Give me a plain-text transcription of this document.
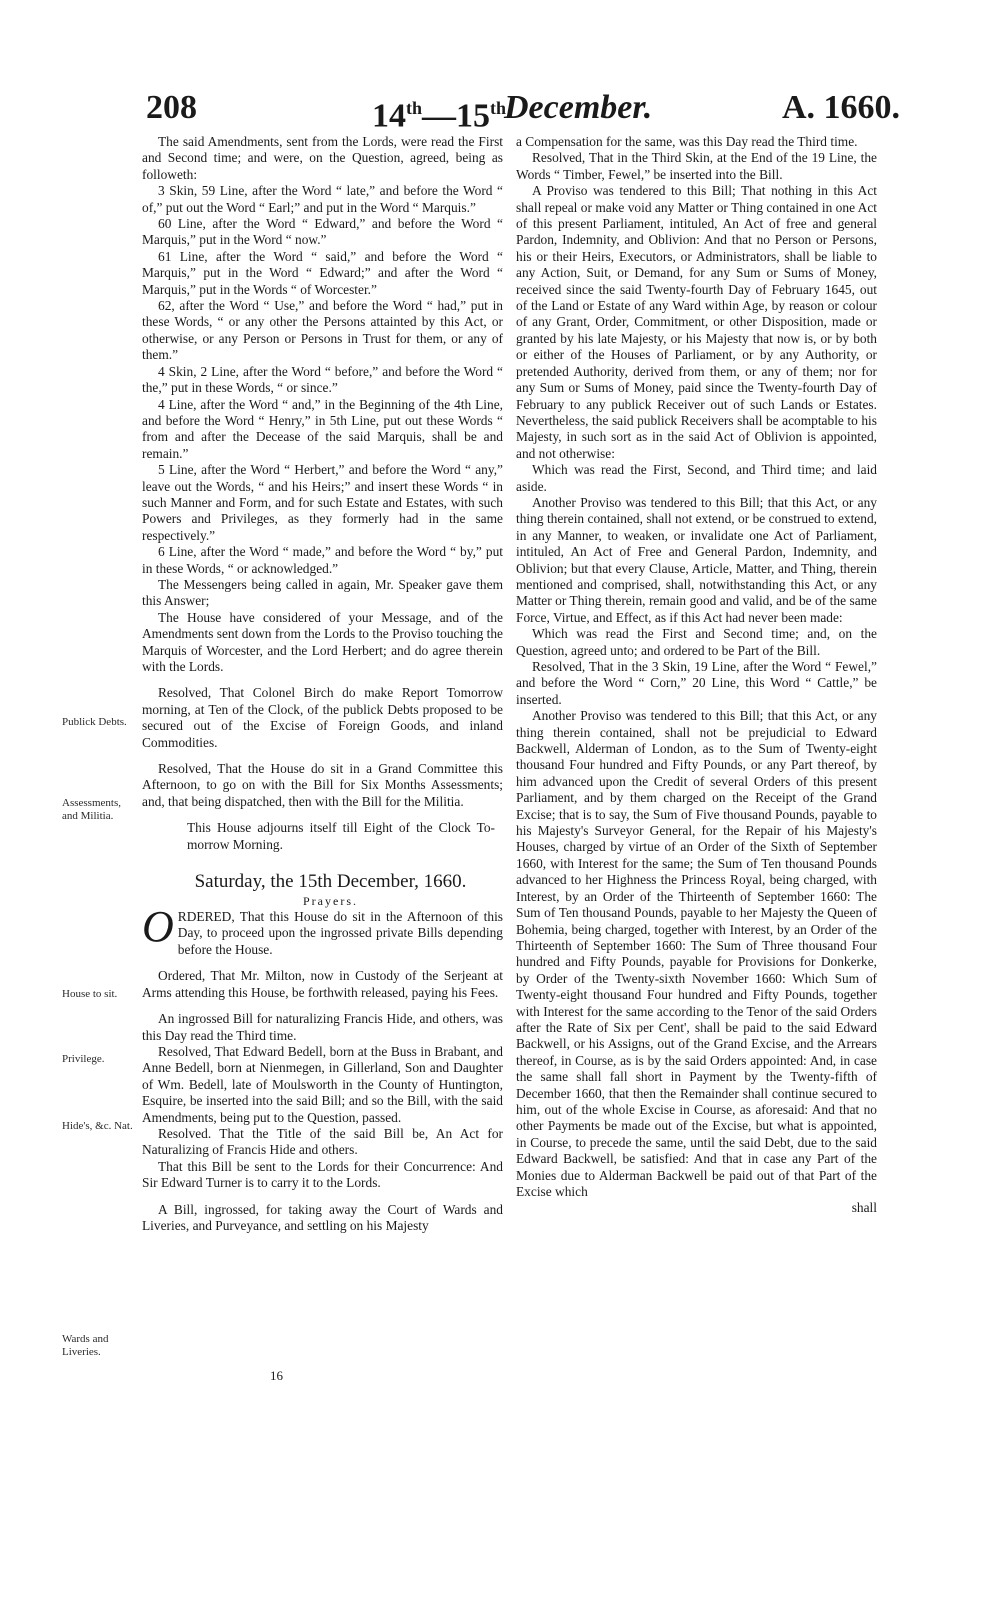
208	14th—15th
December.	A. 1660.
Publick Debts.
Assessments, and Militia.
House to sit.
Privilege.
Hide's, &c. Nat.
Wards and Liveries.

The said Amendments, sent from the Lords, were read the First and Second time; and were, on the Question, agreed, being as followeth:

3 Skin, 59 Line, after the Word “ late,” and before the Word “ of,” put out the Word “ Earl;” and put in the Word “ Marquis.”

60 Line, after the Word “ Edward,” and before the Word “ Marquis,” put in the Word “ now.”

61 Line, after the Word “ said,” and before the Word “ Marquis,” put in the Word “ Edward;” and after the Word “ Marquis,” put in the Words “ of Worcester.”

62, after the Word “ Use,” and before the Word “ had,” put in these Words, “ or any other the Persons attainted by this Act, or otherwise, or any Person or Persons in Trust for them, or any of them.”

4 Skin, 2 Line, after the Word “ before,” and before the Word “ the,” put in these Words, “ or since.”

4 Line, after the Word “ and,” in the Beginning of the 4th Line, and before the Word “ Henry,” in 5th Line, put out these Words “ from and after the Decease of the said Marquis, shall be and remain.”

5 Line, after the Word “ Herbert,” and before the Word “ any,” leave out the Words, “ and his Heirs;” and insert these Words “ in such Manner and Form, and for such Estate and Estates, with such Powers and Privileges, as they formerly had in the same respectively.”

6 Line, after the Word “ made,” and before the Word “ by,” put in these Words, “ or acknowledged.”

The Messengers being called in again, Mr. Speaker gave them this Answer;

The House have considered of your Message, and of the Amendments sent down from the Lords to the Proviso touching the Marquis of Worcester, and the Lord Herbert; and do agree therein with the Lords.

Resolved, That Colonel Birch do make Report Tomorrow morning, at Ten of the Clock, of the publick Debts proposed to be secured out of the Excise of Foreign Goods, and inland Commodities.

Resolved, That the House do sit in a Grand Committee this Afternoon, to go on with the Bill for Six Months Assessments; and, that being dispatched, then with the Bill for the Militia.

This House adjourns itself till Eight of the Clock To-morrow Morning.

Saturday, the 15th December, 1660.

Prayers.

ORDERED, That this House do sit in the Afternoon of this Day, to proceed upon the ingrossed private Bills depending before the House.

Ordered, That Mr. Milton, now in Custody of the Serjeant at Arms attending this House, be forthwith released, paying his Fees.

An ingrossed Bill for naturalizing Francis Hide, and others, was this Day read the Third time.

Resolved, That Edward Bedell, born at the Buss in Brabant, and Anne Bedell, born at Nienmegen, in Gillerland, Son and Daughter of Wm. Bedell, late of Moulsworth in the County of Huntington, Esquire, be inserted into the said Bill; and so the Bill, with the said Amendments, being put to the Question, passed.

Resolved. That the Title of the said Bill be, An Act for Naturalizing of Francis Hide and others.

That this Bill be sent to the Lords for their Concurrence: And Sir Edward Turner is to carry it to the Lords.

A Bill, ingrossed, for taking away the Court of Wards and Liveries, and Purveyance, and settling on his Majesty

a Compensation for the same, was this Day read the Third time.

Resolved, That in the Third Skin, at the End of the 19 Line, the Words “ Timber, Fewel,” be inserted into the Bill.

A Proviso was tendered to this Bill; That nothing in this Act shall repeal or make void any Matter or Thing contained in one Act of this present Parliament, intituled, An Act of free and general Pardon, Indemnity, and Oblivion: And that no Person or Persons, his or their Heirs, Executors, or Administrators, shall be liable to any Action, Suit, or Demand, for any Sum or Sums of Money, received since the said Twenty-fourth Day of February 1645, out of the Land or Estate of any Ward within Age, by reason or colour of any Grant, Order, Commitment, or other Disposition, made or granted by his late Majesty, or his Majesty that now is, or by both or either of the Houses of Parliament, or by any Authority, or pretended Authority, derived from them, or any of them; nor for any Sum or Sums of Money, paid since the Twenty-fourth Day of February to any publick Receiver out of such Lands or Estates. Nevertheless, the said publick Receivers shall be acomptable to his Majesty, in such sort as in the said Act of Oblivion is appointed, and not otherwise:

Which was read the First, Second, and Third time; and laid aside.

Another Proviso was tendered to this Bill; that this Act, or any thing therein contained, shall not extend, or be construed to extend, in any Manner, to weaken, or invalidate one Act of Parliament, intituled, An Act of Free and General Pardon, Indemnity, and Oblivion; but that every Clause, Article, Matter, and Thing, therein mentioned and comprised, shall, notwithstanding this Act, or any Matter or Thing therein, remain good and valid, and be of the same Force, Virtue, and Effect, as if this Act had never been made:

Which was read the First and Second time; and, on the Question, agreed unto; and ordered to be Part of the Bill.

Resolved, That in the 3 Skin, 19 Line, after the Word “ Fewel,” and before the Word “ Corn,” 20 Line, this Word “ Cattle,” be inserted.

Another Proviso was tendered to this Bill; that this Act, or any thing therein contained, shall not be prejudicial to Edward Backwell, Alderman of London, as to the Sum of Twenty-eight thousand Four hundred and Fifty Pounds, or any Part thereof, by him advanced upon the Credit of several Orders of this present Parliament, and by them charged on the Receipt of the Grand Excise; that is to say, the Sum of Five thousand Pounds, payable to his Majesty's Surveyor General, for the Repair of his Majesty's Houses, charged by virtue of an Order of the Sixth of September 1660, with Interest for the same; the Sum of Ten thousand Pounds advanced to her Highness the Princess Royal, being charged, with Interest, by an Order of the Thirteenth of September 1660: The Sum of Ten thousand Pounds, payable to her Majesty the Queen of Bohemia, being charged, together with Interest, by an Order of the Thirteenth of September 1660: The Sum of Three thousand Four hundred and Fifty Pounds, payable for Provisions for Donkerke, by Order of the Twenty-sixth November 1660: Which Sum of Twenty-eight thousand Four hundred and Fifty Pounds, together with Interest for the same according to the Tenor of the said Orders after the Rate of Six per Cent', shall be paid to the said Edward Backwell, or his Assigns, out of the Grand Excise, and the Arrears thereof, in Course, as is by the said Orders appointed: And, in case the same shall fall short in Payment by the Twenty-fifth of December 1660, that then the Remainder shall continue secured to him, out of the whole Excise in Course, as aforesaid: And that no other Payments be made out of the Excise, but what is appointed, in Course, to precede the same, until the said Debt, due to the said Edward Backwell, be satisfied: And that in case any Part of the Monies due to Alderman Backwell be paid out of that Part of the Excise which

shall

16
